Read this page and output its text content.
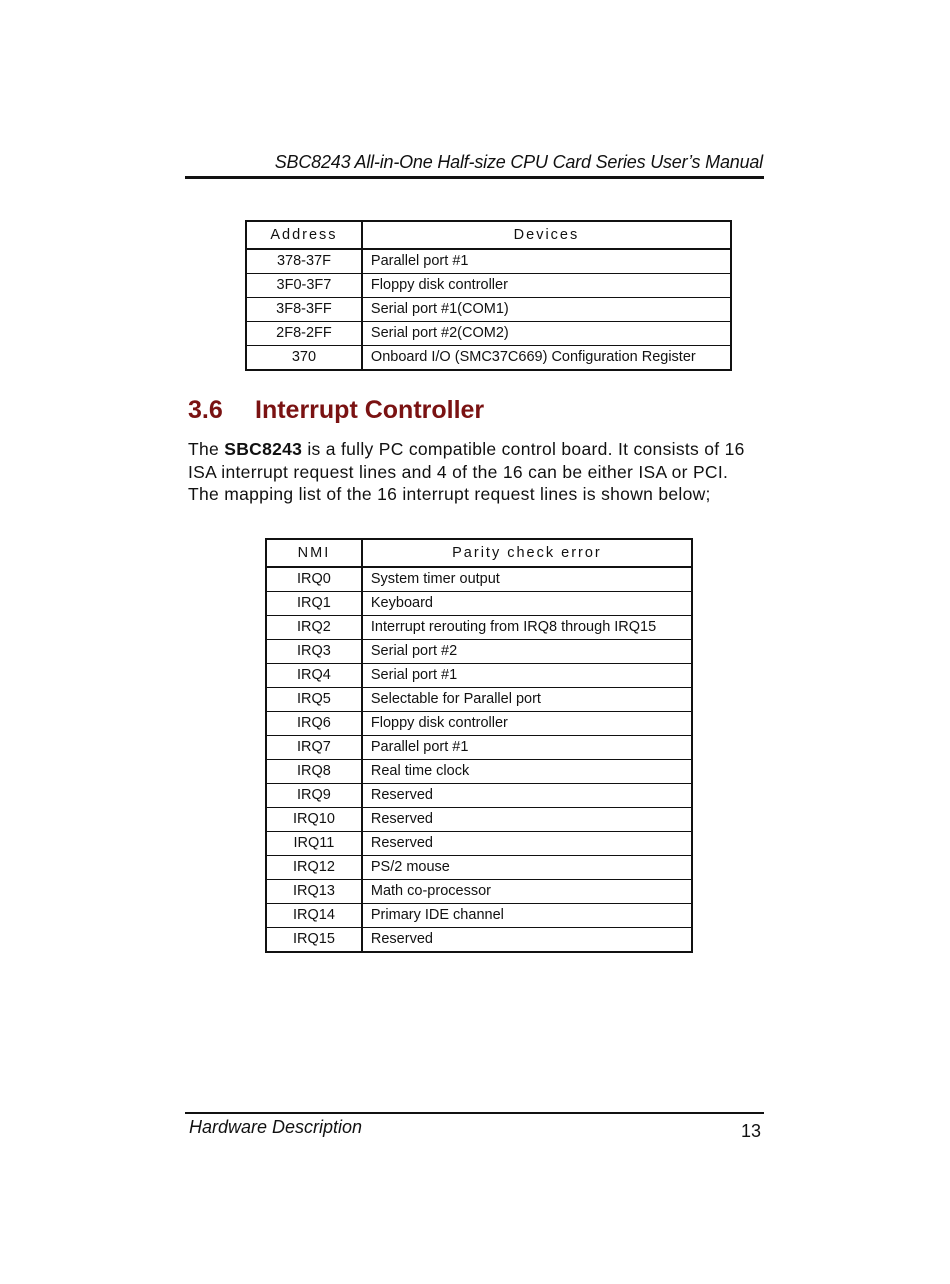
SBC8243 All-in-One Half-size CPU Card Series User’s Manual
Address	Devices
378-37F	Parallel port #1
3F0-3F7	Floppy disk controller
3F8-3FF	Serial port #1(COM1)
2F8-2FF	Serial port #2(COM2)
370	Onboard I/O (SMC37C669) Configuration Register
3.6 Interrupt Controller

The SBC8243 is a fully PC compatible control board. It consists of 16 ISA interrupt request lines and 4 of the 16 can be either ISA or PCI. The mapping list of the 16 interrupt request lines is shown below;

NMI	Parity check error
IRQ0	System timer output
IRQ1	Keyboard
IRQ2	Interrupt rerouting from IRQ8 through IRQ15
IRQ3	Serial port #2
IRQ4	Serial port #1
IRQ5	Selectable for Parallel port
IRQ6	Floppy disk controller
IRQ7	Parallel port #1
IRQ8	Real time clock
IRQ9	Reserved
IRQ10	Reserved
IRQ11	Reserved
IRQ12	PS/2 mouse
IRQ13	Math co-processor
IRQ14	Primary IDE channel
IRQ15	Reserved
Hardware Description	13
